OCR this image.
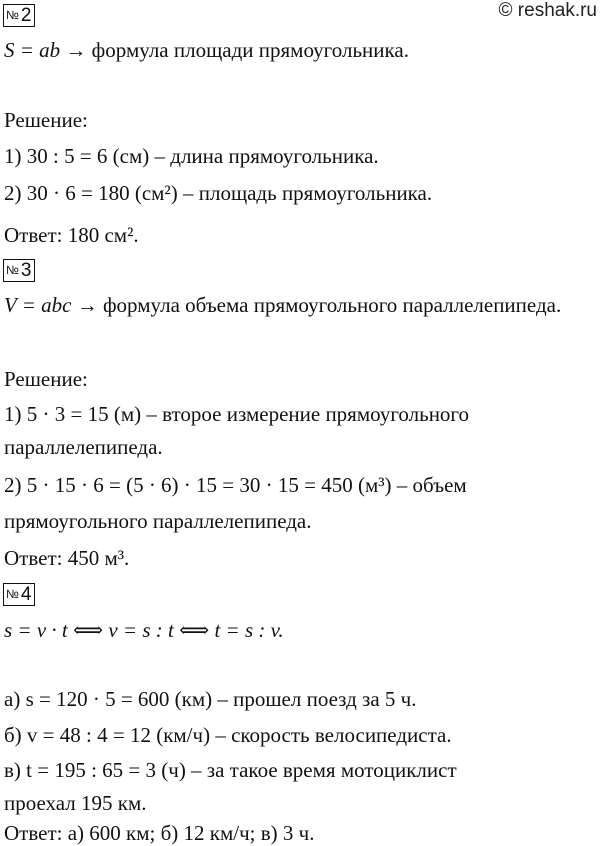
© reshak.ru
№ 2
S = ab → формула площади прямоугольника.
Решение:
1) 30 : 5 = 6 (см) – длина прямоугольника.
2) 30 · 6 = 180 (см²) – площадь прямоугольника.
Ответ: 180 см².
№ 3
V = abc → формула объема прямоугольного параллелепипеда.
Решение:
1) 5 · 3 = 15 (м) – второе измерение прямоугольного
параллелепипеда.
2) 5 · 15 · 6 = (5 · 6) · 15 = 30 · 15 = 450 (м³) – объем
прямоугольного параллелепипеда.
Ответ: 450 м³.
№ 4
s = v · t ⟺ v = s : t ⟺ t = s : v.
а) s = 120 · 5 = 600 (км) – прошел поезд за 5 ч.
б) v = 48 : 4 = 12 (км/ч) – скорость велосипедиста.
в) t = 195 : 65 = 3 (ч) – за такое время мотоциклист
проехал 195 км.
Ответ: а) 600 км; б) 12 км/ч; в) 3 ч.
